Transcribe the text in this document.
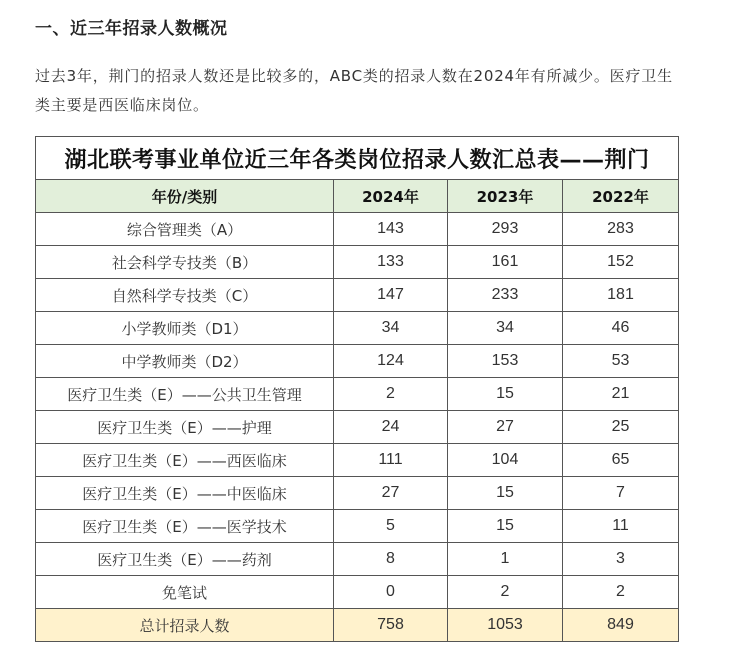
一、近三年招录人数概况

过去3年，荆门的招录人数还是比较多的，ABC类的招录人数在2024年有所减少。医疗卫生类主要是西医临床岗位。

湖北联考事业单位近三年各类岗位招录人数汇总表——荆门			
年份/类别	2024年	2023年	2022年
综合管理类（A）	143	293	283
社会科学专技类（B）	133	161	152
自然科学专技类（C）	147	233	181
小学教师类（D1）	34	34	46
中学教师类（D2）	124	153	53
医疗卫生类（E）——公共卫生管理	2	15	21
医疗卫生类（E）——护理	24	27	25
医疗卫生类（E）——西医临床	111	104	65
医疗卫生类（E）——中医临床	27	15	7
医疗卫生类（E）——医学技术	5	15	11
医疗卫生类（E）——药剂	8	1	3
免笔试	0	2	2
总计招录人数	758	1053	849
